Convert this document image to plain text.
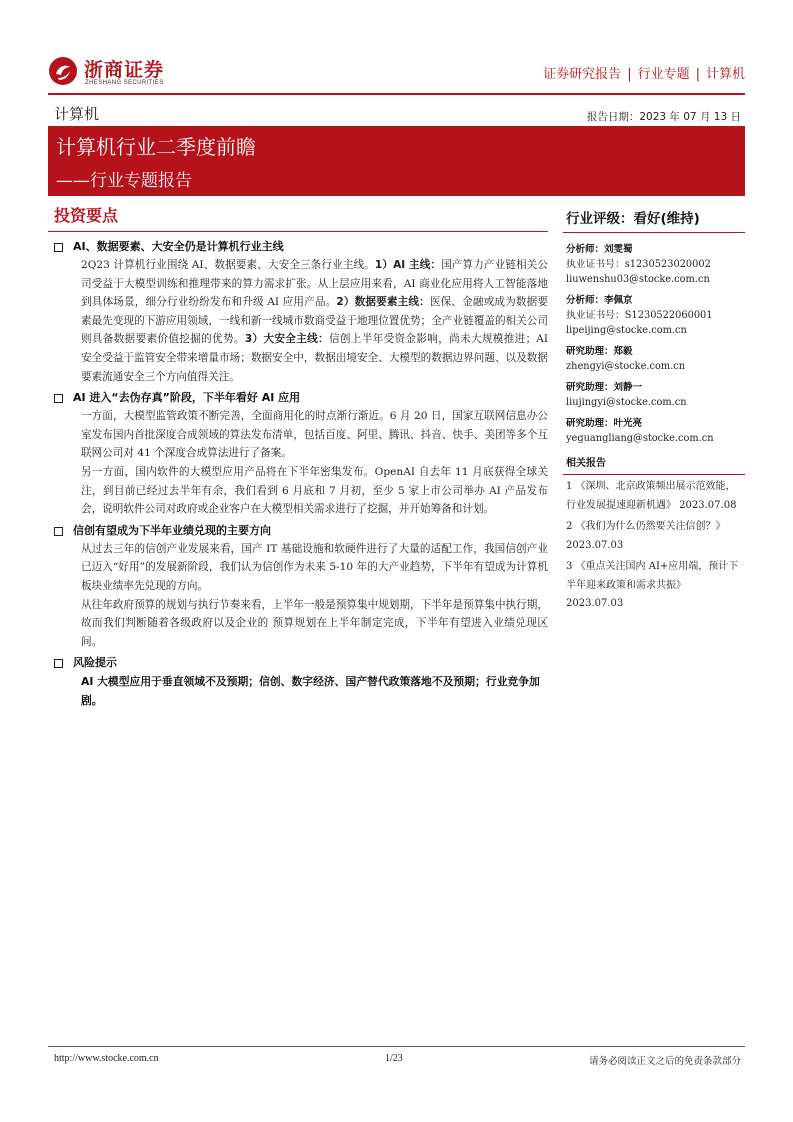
浙商证券
ZHESHANG SECURITIES
证券研究报告 | 行业专题 | 计算机
计算机	报告日期：2023 年 07 月 13 日
计算机行业二季度前瞻
——行业专题报告
投资要点
AI、数据要素、大安全仍是计算机行业主线

2Q23 计算机行业围绕 AI、数据要素、大安全三条行业主线。1）AI 主线：国产算力产业链相关公司受益于大模型训练和推理带来的算力需求扩张。从上层应用来看，AI 商业化应用将人工智能落地到具体场景，细分行业纷纷发布和升级 AI 应用产品。2）数据要素主线：医保、金融或成为数据要素最先变现的下游应用领域，一线和新一线城市数商受益于地理位置优势；全产业链覆盖的相关公司则具备数据要素价值挖掘的优势。3）大安全主线：信创上半年受资金影响，尚未大规模推进；AI 安全受益于监管安全带来增量市场；数据安全中，数据出境安全、大模型的数据边界问题、以及数据要素流通安全三个方向值得关注。

AI 进入“去伪存真”阶段，下半年看好 AI 应用

一方面，大模型监管政策不断完善，全面商用化的时点渐行渐近。6 月 20 日，国家互联网信息办公室发布国内首批深度合成领域的算法发布清单，包括百度、阿里、腾讯、抖音、快手、美团等多个互联网公司对 41 个深度合成算法进行了备案。

另一方面，国内软件的大模型应用产品将在下半年密集发布。OpenAI 自去年 11 月底获得全球关注，到目前已经过去半年有余，我们看到 6 月底和 7 月初，至少 5 家上市公司举办 AI 产品发布会，说明软件公司对政府或企业客户在大模型相关需求进行了挖掘，并开始筹备和计划。

信创有望成为下半年业绩兑现的主要方向

从过去三年的信创产业发展来看，国产 IT 基础设施和软硬件进行了大量的适配工作，我国信创产业已迈入“好用”的发展新阶段，我们认为信创作为未来 5-10 年的大产业趋势，下半年有望成为计算机板块业绩率先兑现的方向。

从往年政府预算的规划与执行节奏来看，上半年一般是预算集中规划期，下半年是预算集中执行期，故而我们判断随着各级政府以及企业的 预算规划在上半年制定完成，下半年有望进入业绩兑现区间。

风险提示

AI 大模型应用于垂直领域不及预期；信创、数字经济、国产替代政策落地不及预期；行业竞争加剧。

行业评级：看好(维持)
分析师：刘雯蜀
执业证书号：s1230523020002
liuwenshu03@stocke.com.cn
分析师：李佩京
执业证书号：S1230522060001
lipeijing@stocke.com.cn
研究助理：郑毅
zhengyi@stocke.com.cn
研究助理：刘静一
liujingyi@stocke.com.cn
研究助理：叶光亮
yeguangliang@stocke.com.cn
相关报告
1 《深圳、北京政策频出展示范效能，行业发展提速迎新机遇》 2023.07.08
2 《我们为什么仍然要关注信创？》 2023.07.03
3 《重点关注国内 AI+应用端，预计下半年迎来政策和需求共振》 2023.07.03
http://www.stocke.com.cn	1/23	请务必阅读正文之后的免责条款部分
